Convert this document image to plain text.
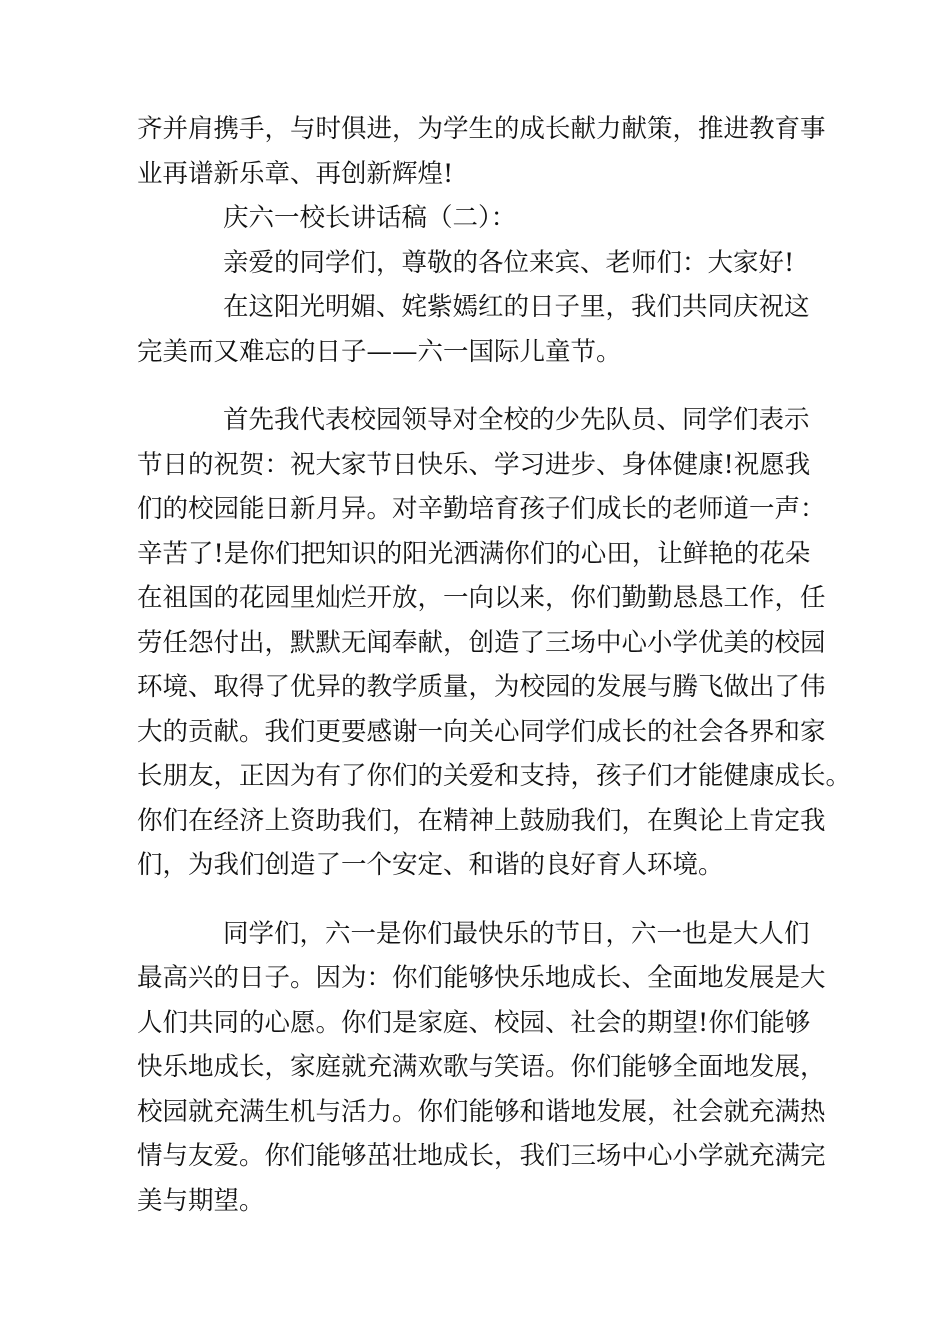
齐并肩携手，与时俱进，为学生的成长献力献策，推进教育事
业再谱新乐章、再创新辉煌!
庆六一校长讲话稿（二）：
亲爱的同学们，尊敬的各位来宾、老师们：大家好!
在这阳光明媚、姹紫嫣红的日子里，我们共同庆祝这
完美而又难忘的日子——六一国际儿童节。
首先我代表校园领导对全校的少先队员、同学们表示
节日的祝贺：祝大家节日快乐、学习进步、身体健康!祝愿我
们的校园能日新月异。对辛勤培育孩子们成长的老师道一声：
辛苦了!是你们把知识的阳光洒满你们的心田，让鲜艳的花朵
在祖国的花园里灿烂开放，一向以来，你们勤勤恳恳工作，任
劳任怨付出，默默无闻奉献，创造了三场中心小学优美的校园
环境、取得了优异的教学质量，为校园的发展与腾飞做出了伟
大的贡献。我们更要感谢一向关心同学们成长的社会各界和家
长朋友，正因为有了你们的关爱和支持，孩子们才能健康成长。
你们在经济上资助我们，在精神上鼓励我们，在舆论上肯定我
们，为我们创造了一个安定、和谐的良好育人环境。
同学们，六一是你们最快乐的节日，六一也是大人们
最高兴的日子。因为：你们能够快乐地成长、全面地发展是大
人们共同的心愿。你们是家庭、校园、社会的期望!你们能够
快乐地成长，家庭就充满欢歌与笑语。你们能够全面地发展，
校园就充满生机与活力。你们能够和谐地发展，社会就充满热
情与友爱。你们能够茁壮地成长，我们三场中心小学就充满完
美与期望。
